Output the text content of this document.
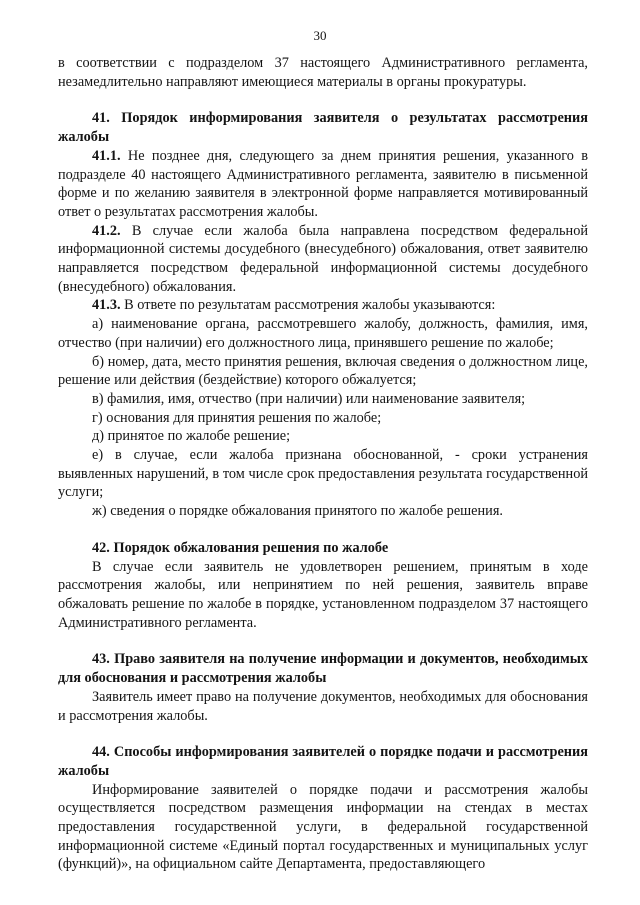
30

в соответствии с подразделом 37 настоящего Административного регламента, незамедлительно направляют имеющиеся материалы в органы прокуратуры.

41. Порядок информирования заявителя о результатах рассмотрения жалобы

41.1. Не позднее дня, следующего за днем принятия решения, указанного в подразделе 40 настоящего Административного регламента, заявителю в письменной форме и по желанию заявителя в электронной форме направляется мотивированный ответ о результатах рассмотрения жалобы.

41.2. В случае если жалоба была направлена посредством федеральной информационной системы досудебного (внесудебного) обжалования, ответ заявителю направляется посредством федеральной информационной системы досудебного (внесудебного) обжалования.

41.3. В ответе по результатам рассмотрения жалобы указываются:

а) наименование органа, рассмотревшего жалобу, должность, фамилия, имя, отчество (при наличии) его должностного лица, принявшего решение по жалобе;

б) номер, дата, место принятия решения, включая сведения о должностном лице, решение или действия (бездействие) которого обжалуется;

в) фамилия, имя, отчество (при наличии) или наименование заявителя;

г) основания для принятия решения по жалобе;

д) принятое по жалобе решение;

е) в случае, если жалоба признана обоснованной, - сроки устранения выявленных нарушений, в том числе срок предоставления результата государственной услуги;

ж) сведения о порядке обжалования принятого по жалобе решения.

42. Порядок обжалования решения по жалобе

В случае если заявитель не удовлетворен решением, принятым в ходе рассмотрения жалобы, или непринятием по ней решения, заявитель вправе обжаловать решение по жалобе в порядке, установленном подразделом 37 настоящего Административного регламента.

43. Право заявителя на получение информации и документов, необходимых для обоснования и рассмотрения жалобы

Заявитель имеет право на получение документов, необходимых для обоснования и рассмотрения жалобы.

44. Способы информирования заявителей о порядке подачи и рассмотрения жалобы

Информирование заявителей о порядке подачи и рассмотрения жалобы осуществляется посредством размещения информации на стендах в местах предоставления государственной услуги, в федеральной государственной информационной системе «Единый портал государственных и муниципальных услуг (функций)», на официальном сайте Департамента, предоставляющего
